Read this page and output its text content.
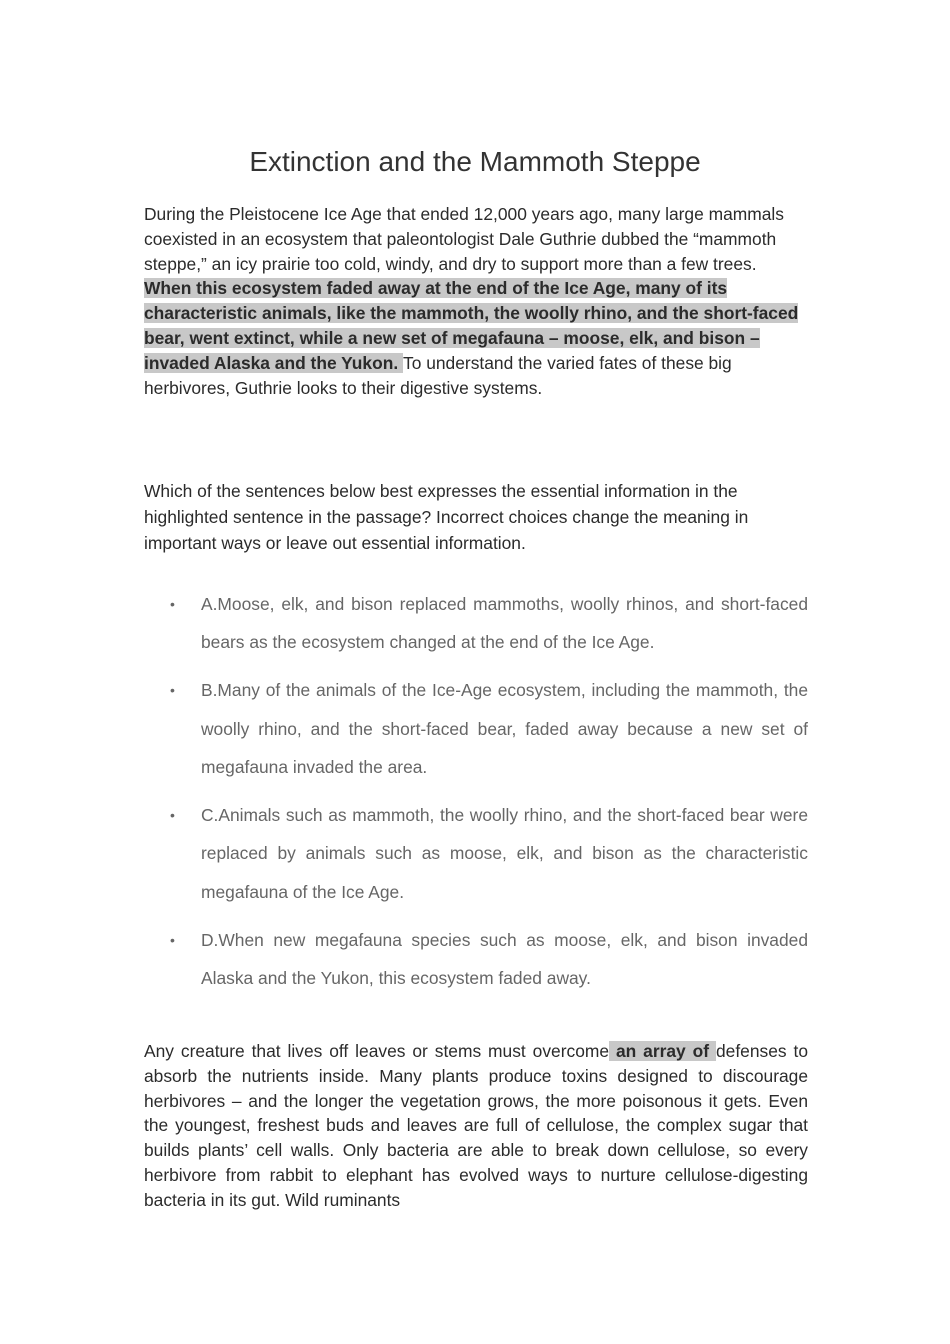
Extinction and the Mammoth Steppe

During the Pleistocene Ice Age that ended 12,000 years ago, many large mammals coexisted in an ecosystem that paleontologist Dale Guthrie dubbed the “mammoth steppe,” an icy prairie too cold, windy, and dry to support more than a few trees. When this ecosystem faded away at the end of the Ice Age, many of its characteristic animals, like the mammoth, the woolly rhino, and the short-faced bear, went extinct, while a new set of megafauna – moose, elk, and bison – invaded Alaska and the Yukon. To understand the varied fates of these big herbivores, Guthrie looks to their digestive systems.

Which of the sentences below best expresses the essential information in the highlighted sentence in the passage? Incorrect choices change the meaning in important ways or leave out essential information.

• A.Moose, elk, and bison replaced mammoths, woolly rhinos, and short-faced bears as the ecosystem changed at the end of the Ice Age.
• B.Many of the animals of the Ice-Age ecosystem, including the mammoth, the woolly rhino, and the short-faced bear, faded away because a new set of megafauna invaded the area.
• C.Animals such as mammoth, the woolly rhino, and the short-faced bear were replaced by animals such as moose, elk, and bison as the characteristic megafauna of the Ice Age.
• D.When new megafauna species such as moose, elk, and bison invaded Alaska and the Yukon, this ecosystem faded away.

Any creature that lives off leaves or stems must overcome an array of defenses to absorb the nutrients inside. Many plants produce toxins designed to discourage herbivores – and the longer the vegetation grows, the more poisonous it gets. Even the youngest, freshest buds and leaves are full of cellulose, the complex sugar that builds plants’ cell walls. Only bacteria are able to break down cellulose, so every herbivore from rabbit to elephant has evolved ways to nurture cellulose-digesting bacteria in its gut. Wild ruminants
